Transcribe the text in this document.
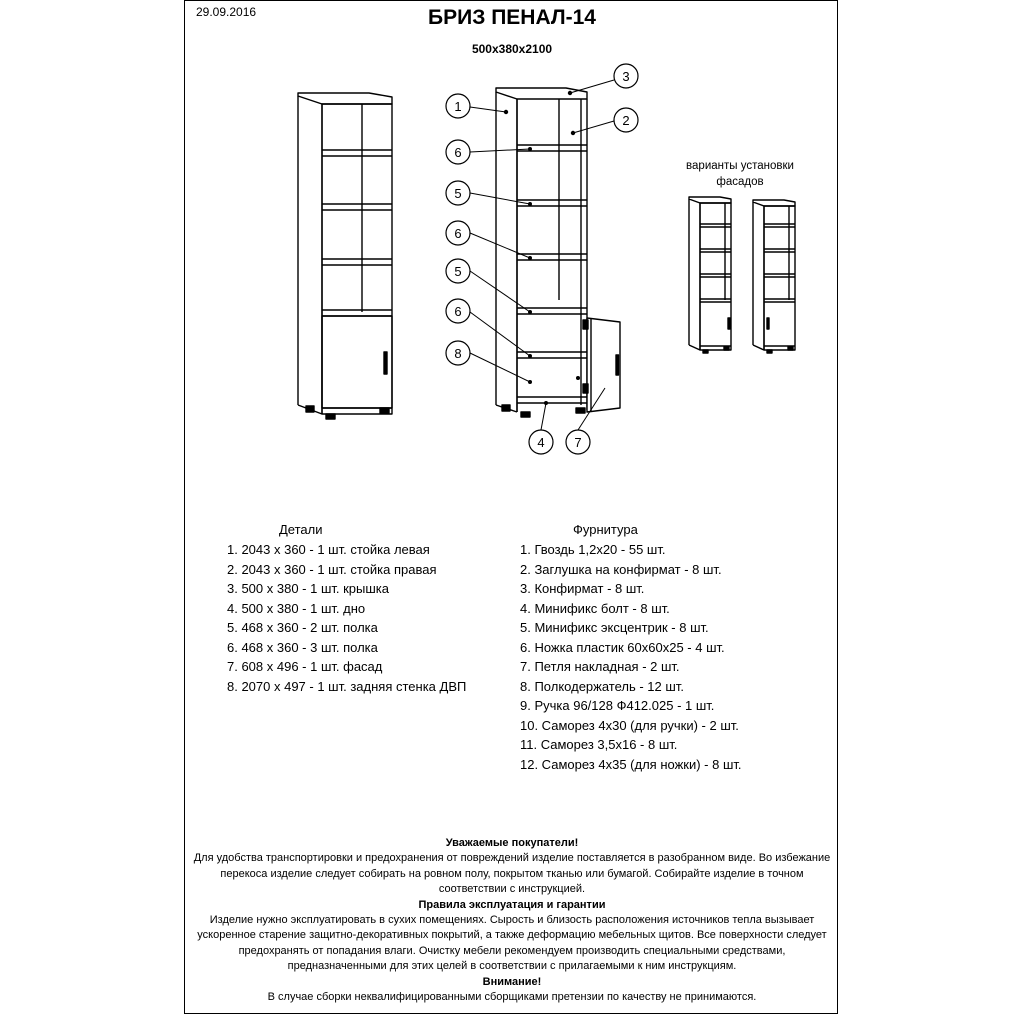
29.09.2016	БРИЗ ПЕНАЛ-14
500х380х2100
1
2
3
4
5
5
6
6
6
7
8
варианты установки
фасадов
Детали
1. 2043 х 360 - 1 шт. стойка левая
2. 2043 х 360 - 1 шт. стойка правая
3. 500 х 380 - 1 шт. крышка
4. 500 х 380 - 1 шт. дно
5. 468 х 360 - 2 шт. полка
6. 468 х 360 - 3 шт. полка
7. 608 х 496 - 1 шт. фасад
8. 2070 х 497 - 1 шт. задняя стенка ДВП
Фурнитура
1. Гвоздь 1,2х20 - 55 шт.
2. Заглушка на конфирмат - 8 шт.
3. Конфирмат - 8 шт.
4. Минификс болт - 8 шт.
5. Минификс эксцентрик - 8 шт.
6. Ножка пластик 60х60х25 - 4 шт.
7. Петля накладная - 2 шт.
8. Полкодержатель - 12 шт.
9. Ручка 96/128 Ф412.025 - 1 шт.
10. Саморез 4х30 (для ручки) - 2 шт.
11. Саморез 3,5х16 - 8 шт.
12. Саморез 4х35 (для ножки) - 8 шт.

Уважаемые покупатели!

Для удобства транспортировки и предохранения от повреждений изделие поставляется в разобранном виде. Во избежание перекоса изделие следует собирать на ровном полу, покрытом тканью или бумагой. Собирайте изделие в точном соответствии с инструкцией.

Правила эксплуатация и гарантии

Изделие нужно эксплуатировать в сухих помещениях. Сырость и близость расположения источников тепла вызывает ускоренное старение защитно-декоративных покрытий, а также деформацию мебельных щитов. Все поверхности следует предохранять от попадания влаги. Очистку мебели рекомендуем производить специальными средствами, предназначенными для этих целей в соответствии с прилагаемыми к ним инструкциям.

Внимание!

В случае сборки неквалифицированными сборщиками претензии по качеству не принимаются.
